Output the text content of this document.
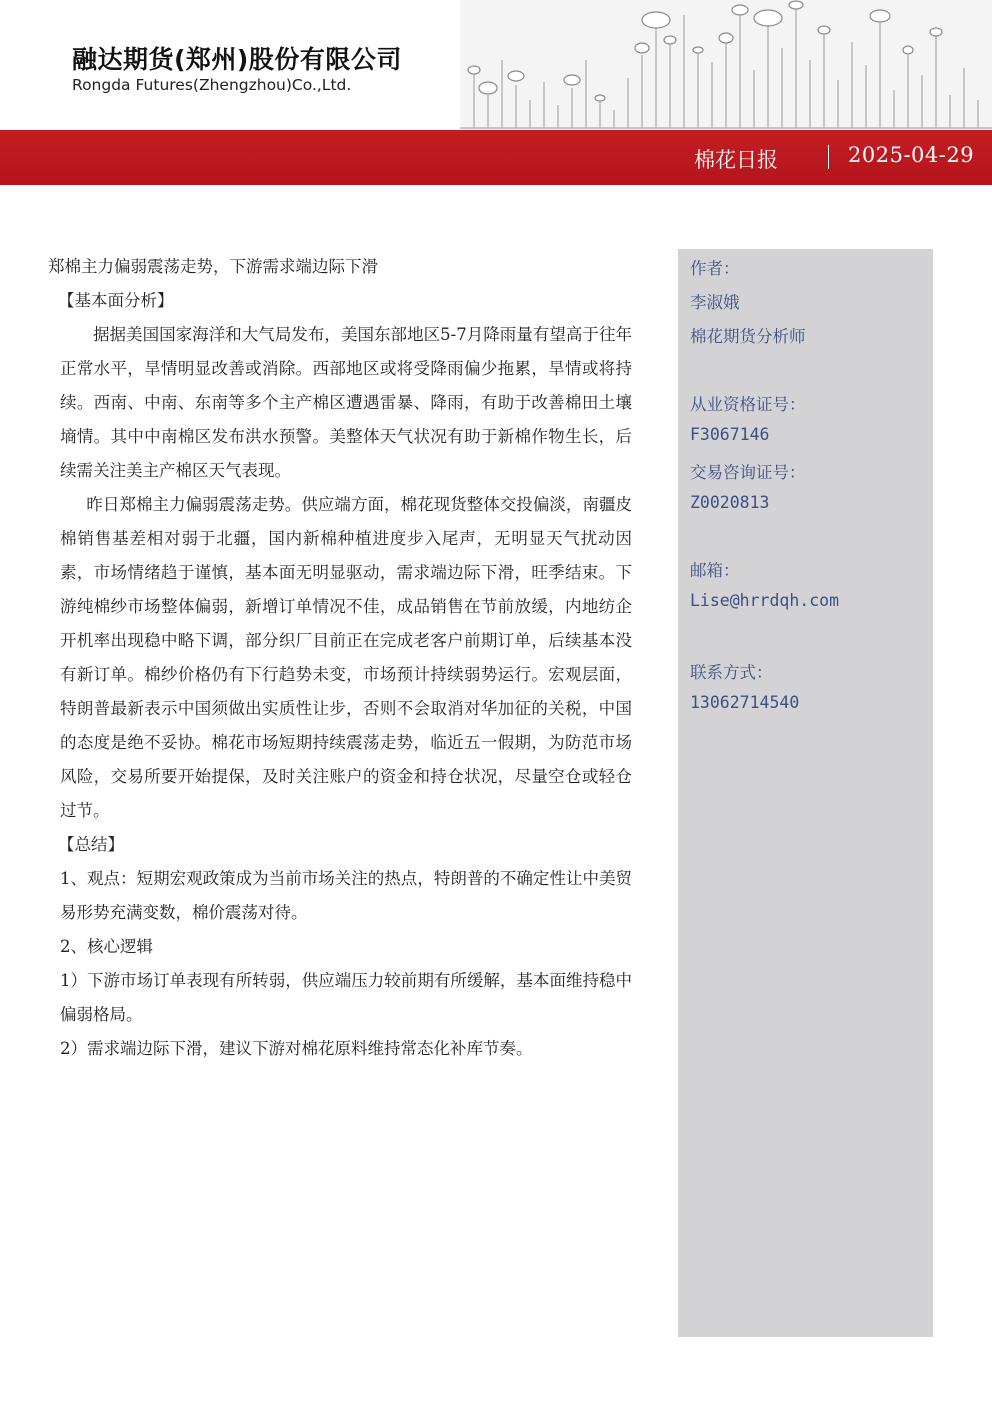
融达期货(郑州)股份有限公司
Rongda Futures(Zhengzhou)Co.,Ltd.
棉花日报	2025-04-29
作者：
李淑娥
棉花期货分析师
从业资格证号：
F3067146
交易咨询证号：
Z0020813
邮箱：
Lise@hrrdqh.com
联系方式：
13062714540
郑棉主力偏弱震荡走势，下游需求端边际下滑
【基本面分析】

据据美国国家海洋和大气局发布，美国东部地区5-7月降雨量有望高于往年正常水平，旱情明显改善或消除。西部地区或将受降雨偏少拖累，旱情或将持续。西南、中南、东南等多个主产棉区遭遇雷暴、降雨，有助于改善棉田土壤墒情。其中中南棉区发布洪水预警。美整体天气状况有助于新棉作物生长，后续需关注美主产棉区天气表现。

昨日郑棉主力偏弱震荡走势。供应端方面，棉花现货整体交投偏淡，南疆皮棉销售基差相对弱于北疆，国内新棉种植进度步入尾声，无明显天气扰动因素，市场情绪趋于谨慎，基本面无明显驱动，需求端边际下滑，旺季结束。下游纯棉纱市场整体偏弱，新增订单情况不佳，成品销售在节前放缓，内地纺企开机率出现稳中略下调，部分织厂目前正在完成老客户前期订单，后续基本没有新订单。棉纱价格仍有下行趋势未变，市场预计持续弱势运行。宏观层面，特朗普最新表示中国须做出实质性让步，否则不会取消对华加征的关税，中国的态度是绝不妥协。棉花市场短期持续震荡走势，临近五一假期，为防范市场风险，交易所要开始提保，及时关注账户的资金和持仓状况，尽量空仓或轻仓过节。

【总结】

1、观点：短期宏观政策成为当前市场关注的热点，特朗普的不确定性让中美贸易形势充满变数，棉价震荡对待。

2、核心逻辑

1）下游市场订单表现有所转弱，供应端压力较前期有所缓解，基本面维持稳中偏弱格局。

2）需求端边际下滑，建议下游对棉花原料维持常态化补库节奏。
